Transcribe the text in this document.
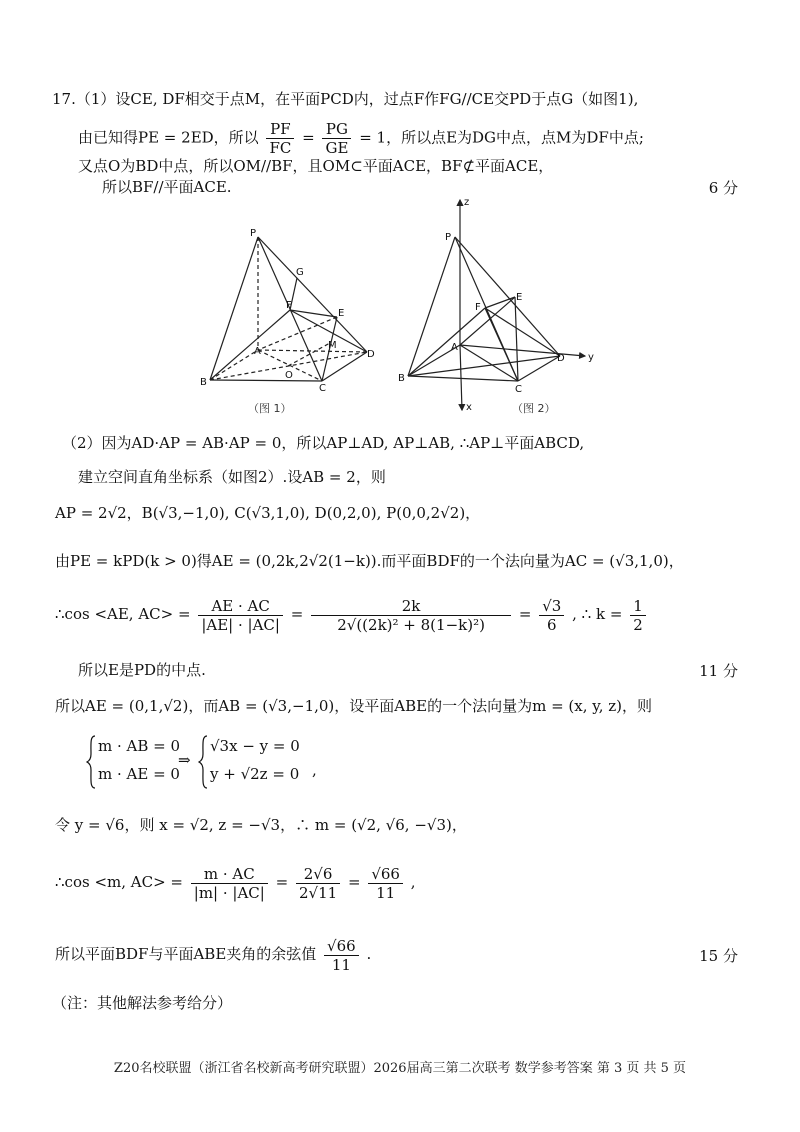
17.（1）设CE, DF相交于点M，在平面PCD内，过点F作FG//CE交PD于点G（如图1),
由已知得PE = 2ED，所以 $\frac{PF}{FC} = \frac{PG}{GE} = 1$，所以点E为DG中点，点M为DF中点;
又点O为BD中点，所以OM//BF，且OM⊂平面ACE，BF⊄平面ACE，
所以BF//平面ACE.	6 分
P
G
F
E
A
M
D
O
B
C
（图 1）
z
P
E
F
A
D y
B
C
x	（图 2）
（2）因为AD·AP = AB·AP = 0，所以AP⊥AD, AP⊥AB, ∴AP⊥平面ABCD,
建立空间直角坐标系（如图2）.设AB = 2，则
AP = 2√2，B(√3,−1,0), C(√3,1,0), D(0,2,0), P(0,0,2√2)，
由PE = kPD(k > 0)得AE = (0,2k,2√2(1−k)).而平面BDF的一个法向量为AC = (√3,1,0)，
∴cos <AE, $AC> = \frac{AE \cdot AC}{|AE| \cdot |AC|} = \frac{2k}{\text{2√((2k)² + 8(1−k)²)}} = \frac{√3}{6}$ , ∴ $k = \frac{1}{2}$
所以E是PD的中点.	11 分
所以AE = (0,1,√2)，而AB = (√3,−1,0)，设平面ABE的一个法向量为m = (x, y, z)，则
m · AB = 0
m · AE = 0
⇒
√3x − y = 0
y + √2z = 0 ,
令 y = √6，则 x = √2, z = −√3，∴ m = (√2, √6, −√3)，
∴cos <m, $AC> = \frac{m \cdot AC}{|m| \cdot |AC|} = \frac{2√6}{2√11} = \frac{√66}{11}$ ,
所以平面BDF与平面ABE夹角的余弦值 $\frac{√66}{11}$ .	15 分
（注：其他解法参考给分）
Z20名校联盟（浙江省名校新高考研究联盟）2026届高三第二次联考 数学参考答案 第 3 页 共 5 页
